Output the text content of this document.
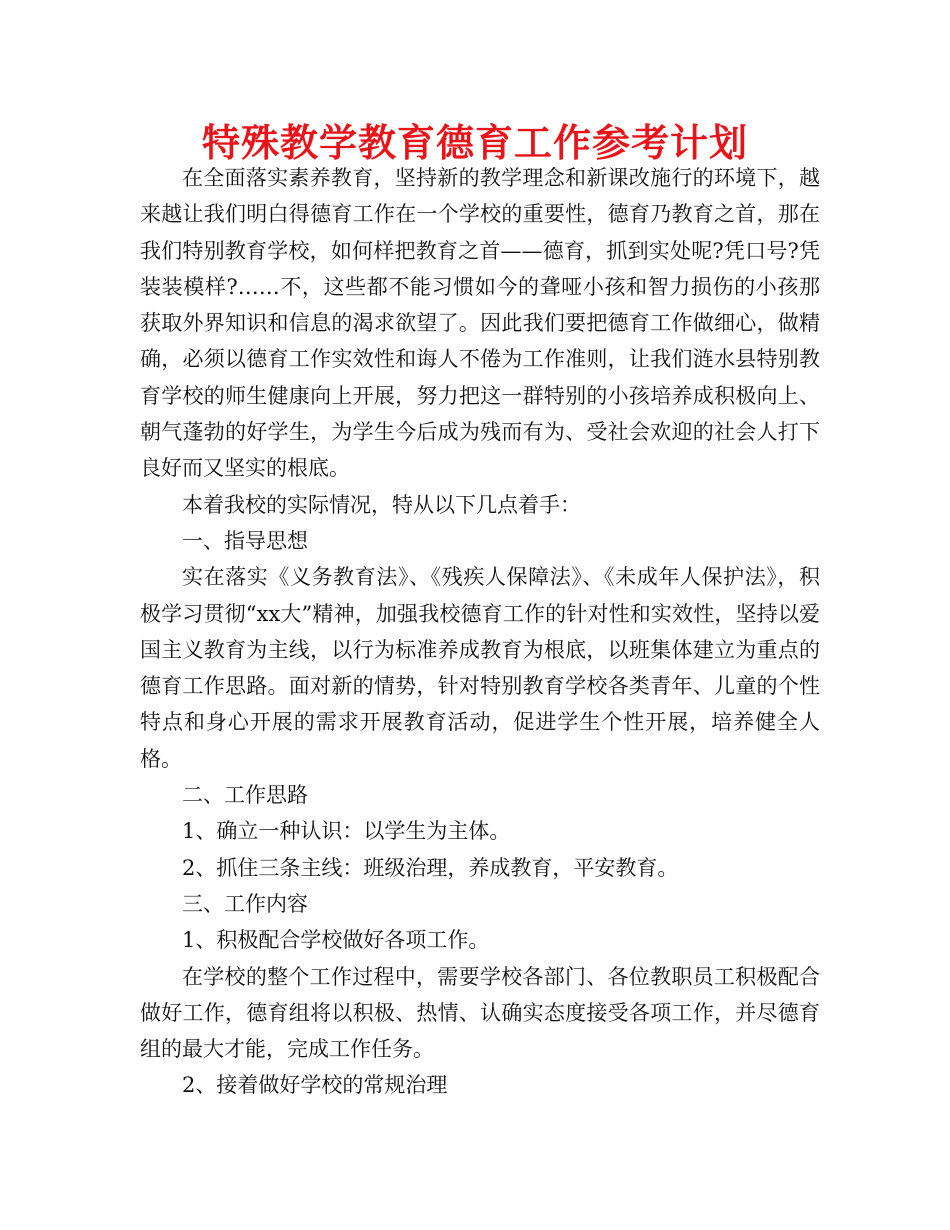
特殊教学教育德育工作参考计划

在全面落实素养教育，坚持新的教学理念和新课改施行的环境下，越来越让我们明白得德育工作在一个学校的重要性，德育乃教育之首，那在我们特别教育学校，如何样把教育之首——德育，抓到实处呢?凭口号?凭装装模样?……不，这些都不能习惯如今的聋哑小孩和智力损伤的小孩那获取外界知识和信息的渴求欲望了。因此我们要把德育工作做细心，做精确，必须以德育工作实效性和诲人不倦为工作准则，让我们涟水县特别教育学校的师生健康向上开展，努力把这一群特别的小孩培养成积极向上、朝气蓬勃的好学生，为学生今后成为残而有为、受社会欢迎的社会人打下良好而又坚实的根底。

本着我校的实际情况，特从以下几点着手：

一、指导思想

实在落实《义务教育法》、《残疾人保障法》、《未成年人保护法》，积极学习贯彻“xx大”精神，加强我校德育工作的针对性和实效性，坚持以爱国主义教育为主线，以行为标准养成教育为根底，以班集体建立为重点的德育工作思路。面对新的情势，针对特别教育学校各类青年、儿童的个性特点和身心开展的需求开展教育活动，促进学生个性开展，培养健全人格。

二、工作思路

1、确立一种认识：以学生为主体。

2、抓住三条主线：班级治理，养成教育，平安教育。

三、工作内容

1、积极配合学校做好各项工作。

在学校的整个工作过程中，需要学校各部门、各位教职员工积极配合做好工作，德育组将以积极、热情、认确实态度接受各项工作，并尽德育组的最大才能，完成工作任务。

2、接着做好学校的常规治理
